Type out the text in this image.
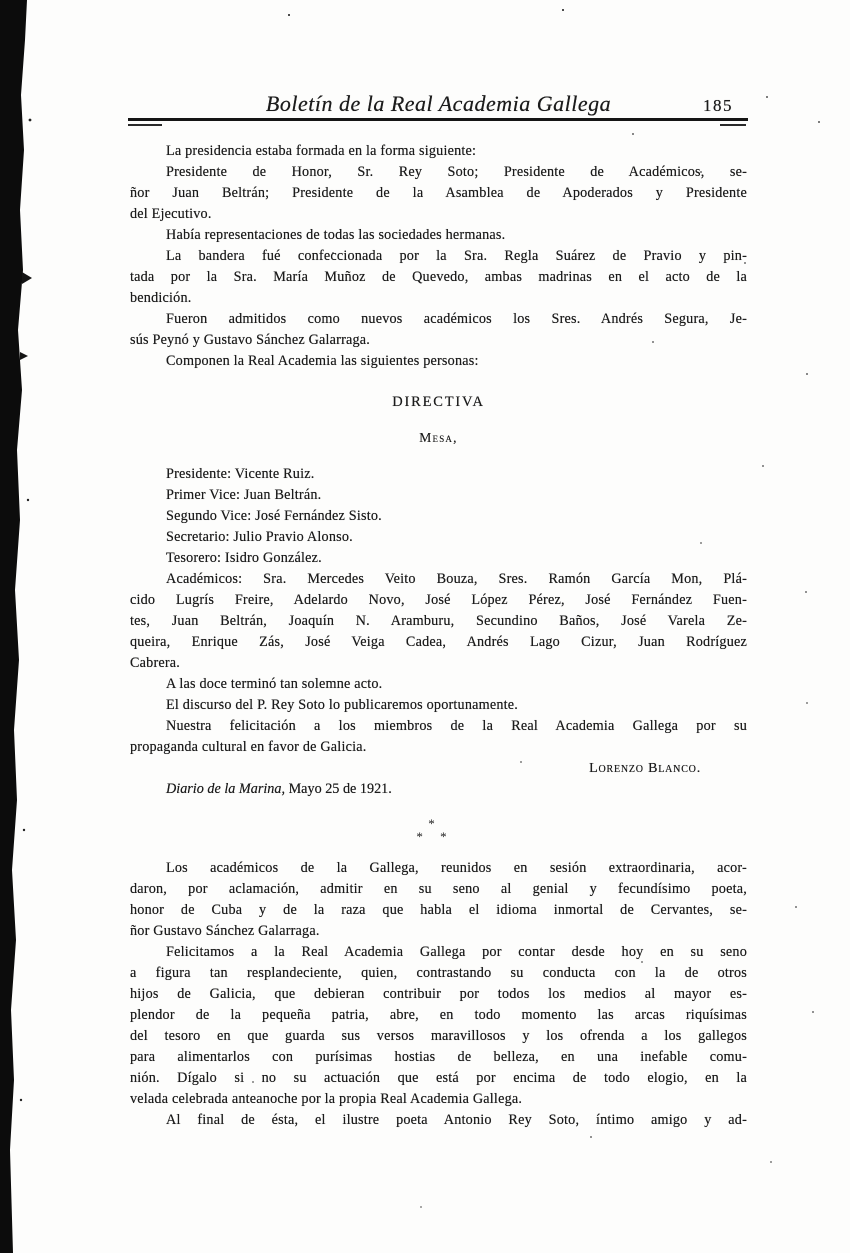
Boletín de la Real Academia Gallega	185
La presidencia estaba formada en la forma siguiente:
Presidente de Honor, Sr. Rey Soto; Presidente de Académicos, se-
ñor Juan Beltrán; Presidente de la Asamblea de Apoderados y Presidente
del Ejecutivo.
Había representaciones de todas las sociedades hermanas.
La bandera fué confeccionada por la Sra. Regla Suárez de Pravio y pin-
tada por la Sra. María Muñoz de Quevedo, ambas madrinas en el acto de la
bendición.
Fueron admitidos como nuevos académicos los Sres. Andrés Segura, Je-
sús Peynó y Gustavo Sánchez Galarraga.
Componen la Real Academia las siguientes personas:
DIRECTIVA
Mesa,
Presidente: Vicente Ruiz.
Primer Vice: Juan Beltrán.
Segundo Vice: José Fernández Sisto.
Secretario: Julio Pravio Alonso.
Tesorero: Isidro González.
Académicos: Sra. Mercedes Veito Bouza, Sres. Ramón García Mon, Plá-
cido Lugrís Freire, Adelardo Novo, José López Pérez, José Fernández Fuen-
tes, Juan Beltrán, Joaquín N. Aramburu, Secundino Baños, José Varela Ze-
queira, Enrique Zás, José Veiga Cadea, Andrés Lago Cizur, Juan Rodríguez
Cabrera.
A las doce terminó tan solemne acto.
El discurso del P. Rey Soto lo publicaremos oportunamente.
Nuestra felicitación a los miembros de la Real Academia Gallega por su
propaganda cultural en favor de Galicia.
Lorenzo Blanco.
Diario de la Marina, Mayo 25 de 1921.
*
* *
Los académicos de la Gallega, reunidos en sesión extraordinaria, acor-
daron, por aclamación, admitir en su seno al genial y fecundísimo poeta,
honor de Cuba y de la raza que habla el idioma inmortal de Cervantes, se-
ñor Gustavo Sánchez Galarraga.
Felicitamos a la Real Academia Gallega por contar desde hoy en su seno
a figura tan resplandeciente, quien, contrastando su conducta con la de otros
hijos de Galicia, que debieran contribuir por todos los medios al mayor es-
plendor de la pequeña patria, abre, en todo momento las arcas riquísimas
del tesoro en que guarda sus versos maravillosos y los ofrenda a los gallegos
para alimentarlos con purísimas hostias de belleza, en una inefable comu-
nión. Dígalo si no su actuación que está por encima de todo elogio, en la
velada celebrada anteanoche por la propia Real Academia Gallega.
Al final de ésta, el ilustre poeta Antonio Rey Soto, íntimo amigo y ad-
